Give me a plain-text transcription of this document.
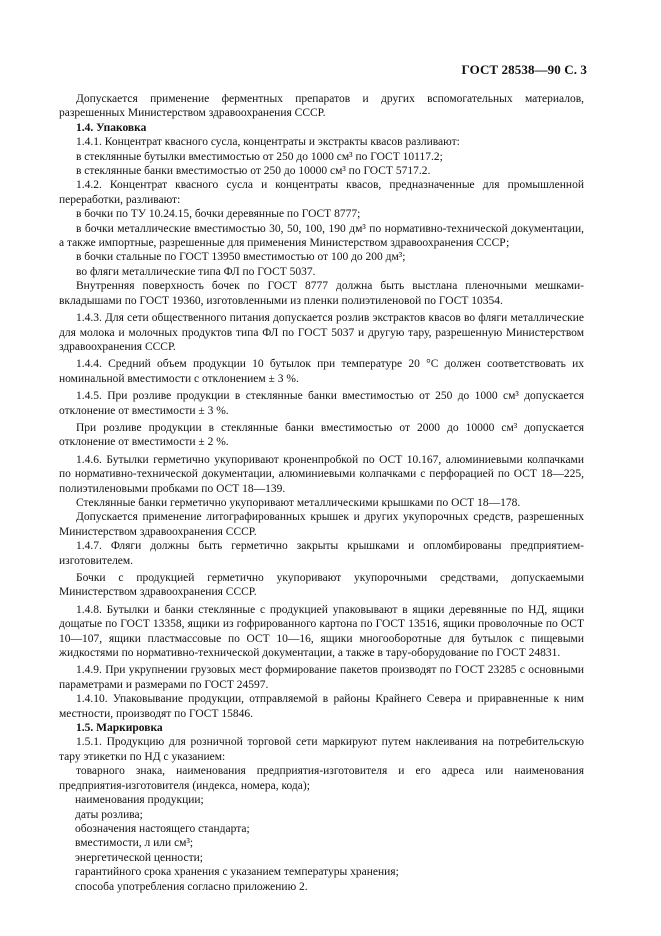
ГОСТ 28538—90 С. 3

Допускается применение ферментных препаратов и других вспомогательных материалов, разрешенных Министерством здравоохранения СССР.

1.4. Упаковка

1.4.1. Концентрат квасного сусла, концентраты и экстракты квасов разливают:

в стеклянные бутылки вместимостью от 250 до 1000 см³ по ГОСТ 10117.2;

в стеклянные банки вместимостью от 250 до 10000 см³ по ГОСТ 5717.2.

1.4.2. Концентрат квасного сусла и концентраты квасов, предназначенные для промышленной переработки, разливают:

в бочки по ТУ 10.24.15, бочки деревянные по ГОСТ 8777;

в бочки металлические вместимостью 30, 50, 100, 190 дм³ по нормативно-технической документации, а также импортные, разрешенные для применения Министерством здравоохранения СССР;

в бочки стальные по ГОСТ 13950 вместимостью от 100 до 200 дм³;

во фляги металлические типа ФЛ по ГОСТ 5037.

Внутренняя поверхность бочек по ГОСТ 8777 должна быть выстлана пленочными мешками-вкладышами по ГОСТ 19360, изготовленными из пленки полиэтиленовой по ГОСТ 10354.

1.4.3. Для сети общественного питания допускается розлив экстрактов квасов во фляги металлические для молока и молочных продуктов типа ФЛ по ГОСТ 5037 и другую тару, разрешенную Министерством здравоохранения СССР.

1.4.4. Средний объем продукции 10 бутылок при температуре 20 °С должен соответствовать их номинальной вместимости с отклонением ± 3 %.

1.4.5. При розливе продукции в стеклянные банки вместимостью от 250 до 1000 см³ допускается отклонение от вместимости ± 3 %.

При розливе продукции в стеклянные банки вместимостью от 2000 до 10000 см³ допускается отклонение от вместимости ± 2 %.

1.4.6. Бутылки герметично укупоривают кроненпробкой по ОСТ 10.167, алюминиевыми колпачками по нормативно-технической документации, алюминиевыми колпачками с перфорацией по ОСТ 18—225, полиэтиленовыми пробками по ОСТ 18—139.

Стеклянные банки герметично укупоривают металлическими крышками по ОСТ 18—178.

Допускается применение литографированных крышек и других укупорочных средств, разрешенных Министерством здравоохранения СССР.

1.4.7. Фляги должны быть герметично закрыты крышками и опломбированы предприятием-изготовителем.

Бочки с продукцией герметично укупоривают укупорочными средствами, допускаемыми Министерством здравоохранения СССР.

1.4.8. Бутылки и банки стеклянные с продукцией упаковывают в ящики деревянные по НД, ящики дощатые по ГОСТ 13358, ящики из гофрированного картона по ГОСТ 13516, ящики проволочные по ОСТ 10—107, ящики пластмассовые по ОСТ 10—16, ящики многооборотные для бутылок с пищевыми жидкостями по нормативно-технической документации, а также в тару-оборудование по ГОСТ 24831.

1.4.9. При укрупнении грузовых мест формирование пакетов производят по ГОСТ 23285 с основными параметрами и размерами по ГОСТ 24597.

1.4.10. Упаковывание продукции, отправляемой в районы Крайнего Севера и приравненные к ним местности, производят по ГОСТ 15846.

1.5. Маркировка

1.5.1. Продукцию для розничной торговой сети маркируют путем наклеивания на потребительскую тару этикетки по НД с указанием:

товарного знака, наименования предприятия-изготовителя и его адреса или наименования предприятия-изготовителя (индекса, номера, кода);

наименования продукции;

даты розлива;

обозначения настоящего стандарта;

вместимости, л или см³;

энергетической ценности;

гарантийного срока хранения с указанием температуры хранения;

способа употребления согласно приложению 2.
